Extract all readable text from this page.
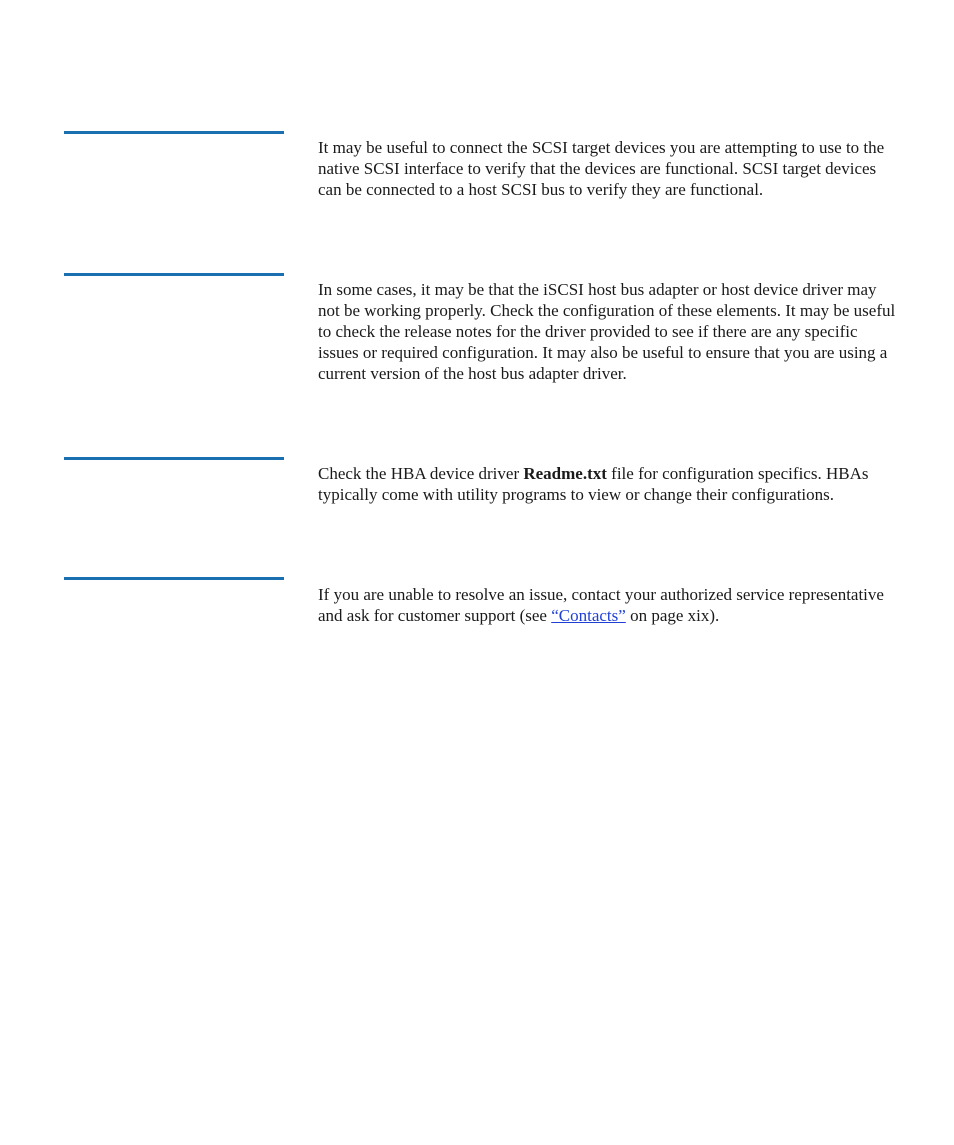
It may be useful to connect the SCSI target devices you are attempting to use to the native SCSI interface to verify that the devices are functional. SCSI target devices can be connected to a host SCSI bus to verify they are functional.

In some cases, it may be that the iSCSI host bus adapter or host device driver may not be working properly. Check the configuration of these elements. It may be useful to check the release notes for the driver provided to see if there are any specific issues or required configuration. It may also be useful to ensure that you are using a current version of the host bus adapter driver.

Check the HBA device driver Readme.txt file for configuration specifics. HBAs typically come with utility programs to view or change their configurations.

If you are unable to resolve an issue, contact your authorized service representative and ask for customer support (see “Contacts” on page xix).
